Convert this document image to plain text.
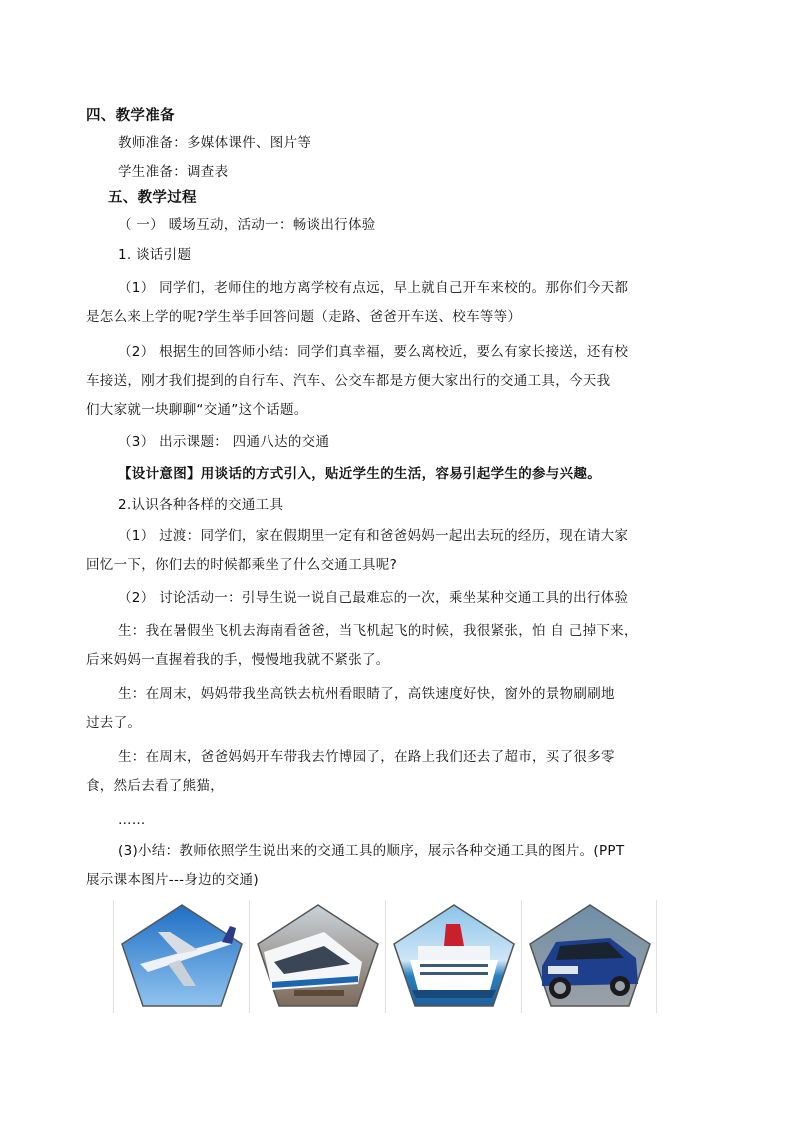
四、教学准备
教师准备：多媒体课件、图片等
学生准备：调查表
五、教学过程
（ 一） 暖场互动，活动一：畅谈出行体验
1. 谈话引题
（1） 同学们，老师住的地方离学校有点远，早上就自己开车来校的。那你们今天都
是怎么来上学的呢?学生举手回答问题（走路、爸爸开车送、校车等等）
（2） 根据生的回答师小结：同学们真幸福，要么离校近，要么有家长接送，还有校
车接送，刚才我们提到的自行车、汽车、公交车都是方便大家出行的交通工具，今天我
们大家就一块聊聊“交通”这个话题。
（3） 出示课题： 四通八达的交通
【设计意图】用谈话的方式引入，贴近学生的生活，容易引起学生的参与兴趣。
2.认识各种各样的交通工具
（1） 过渡：同学们，家在假期里一定有和爸爸妈妈一起出去玩的经历，现在请大家
回忆一下，你们去的时候都乘坐了什么交通工具呢?
（2） 讨论活动一：引导生说一说自己最难忘的一次，乘坐某种交通工具的出行体验
生：我在暑假坐飞机去海南看爸爸，当飞机起飞的时候，我很紧张，怕 自 己掉下来，
后来妈妈一直握着我的手，慢慢地我就不紧张了。
生：在周末，妈妈带我坐高铁去杭州看眼睛了，高铁速度好快，窗外的景物刷刷地
过去了。
生：在周末，爸爸妈妈开车带我去竹博园了，在路上我们还去了超市，买了很多零
食，然后去看了熊猫，
……
(3)小结：教师依照学生说出来的交通工具的顺序，展示各种交通工具的图片。(PPT
展示课本图片---身边的交通)
